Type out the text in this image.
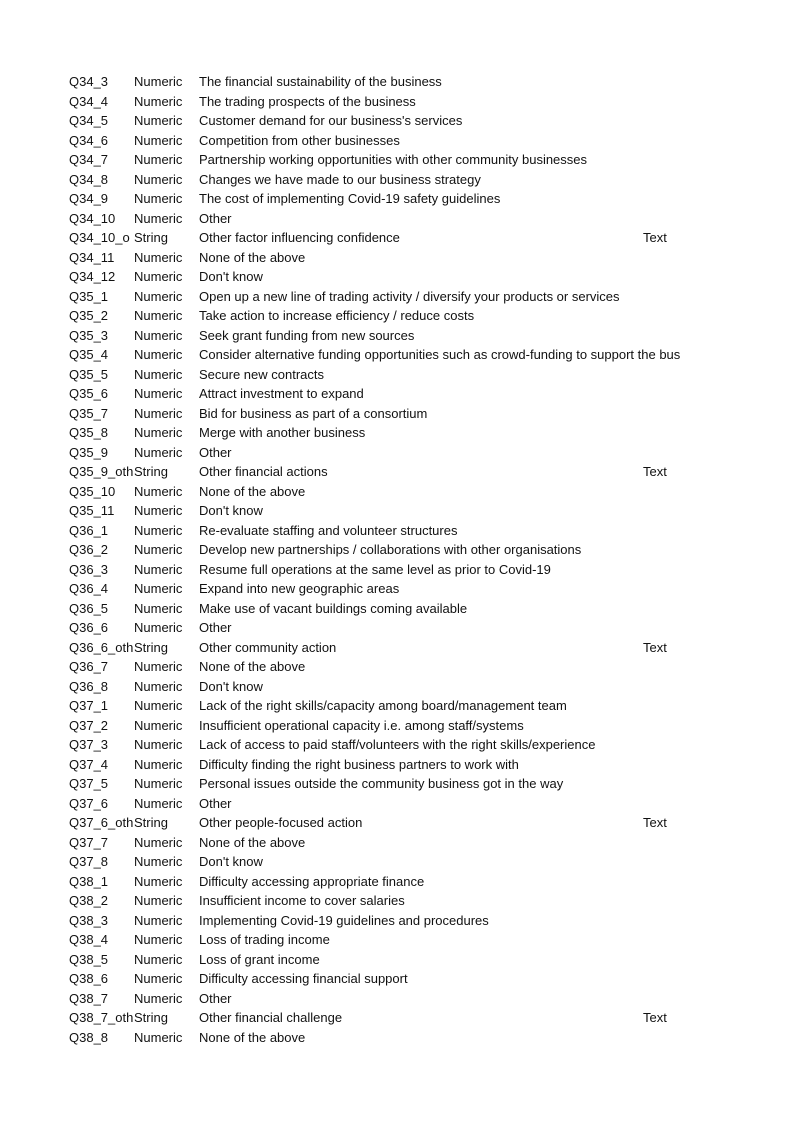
Q34_3	Numeric	The financial sustainability of the business
Q34_4	Numeric	The trading prospects of the business
Q34_5	Numeric	Customer demand for our business's services
Q34_6	Numeric	Competition from other businesses
Q34_7	Numeric	Partnership working opportunities with other community businesses
Q34_8	Numeric	Changes we have made to our business strategy
Q34_9	Numeric	The cost of implementing Covid-19 safety guidelines
Q34_10	Numeric	Other
Q34_10_o String	Other factor influencing confidence	Text
Q34_11	Numeric	None of the above
Q34_12	Numeric	Don't know
Q35_1	Numeric	Open up a new line of trading activity / diversify your products or services
Q35_2	Numeric	Take action to increase efficiency / reduce costs
Q35_3	Numeric	Seek grant funding from new sources
Q35_4	Numeric	Consider alternative funding opportunities such as crowd-funding to support the bus
Q35_5	Numeric	Secure new contracts
Q35_6	Numeric	Attract investment to expand
Q35_7	Numeric	Bid for business as part of a consortium
Q35_8	Numeric	Merge with another business
Q35_9	Numeric	Other
Q35_9_oth String	Other financial actions	Text
Q35_10	Numeric	None of the above
Q35_11	Numeric	Don't know
Q36_1	Numeric	Re-evaluate staffing and volunteer structures
Q36_2	Numeric	Develop new partnerships / collaborations with other organisations
Q36_3	Numeric	Resume full operations at the same level as prior to Covid-19
Q36_4	Numeric	Expand into new geographic areas
Q36_5	Numeric	Make use of vacant buildings coming available
Q36_6	Numeric	Other
Q36_6_oth String	Other community action	Text
Q36_7	Numeric	None of the above
Q36_8	Numeric	Don't know
Q37_1	Numeric	Lack of the right skills/capacity among board/management team
Q37_2	Numeric	Insufficient operational capacity i.e. among staff/systems
Q37_3	Numeric	Lack of access to paid staff/volunteers with the right skills/experience
Q37_4	Numeric	Difficulty finding the right business partners to work with
Q37_5	Numeric	Personal issues outside the community business got in the way
Q37_6	Numeric	Other
Q37_6_oth String	Other people-focused action	Text
Q37_7	Numeric	None of the above
Q37_8	Numeric	Don't know
Q38_1	Numeric	Difficulty accessing appropriate finance
Q38_2	Numeric	Insufficient income to cover salaries
Q38_3	Numeric	Implementing Covid-19 guidelines and procedures
Q38_4	Numeric	Loss of trading income
Q38_5	Numeric	Loss of grant income
Q38_6	Numeric	Difficulty accessing financial support
Q38_7	Numeric	Other
Q38_7_oth String	Other financial challenge	Text
Q38_8	Numeric	None of the above
